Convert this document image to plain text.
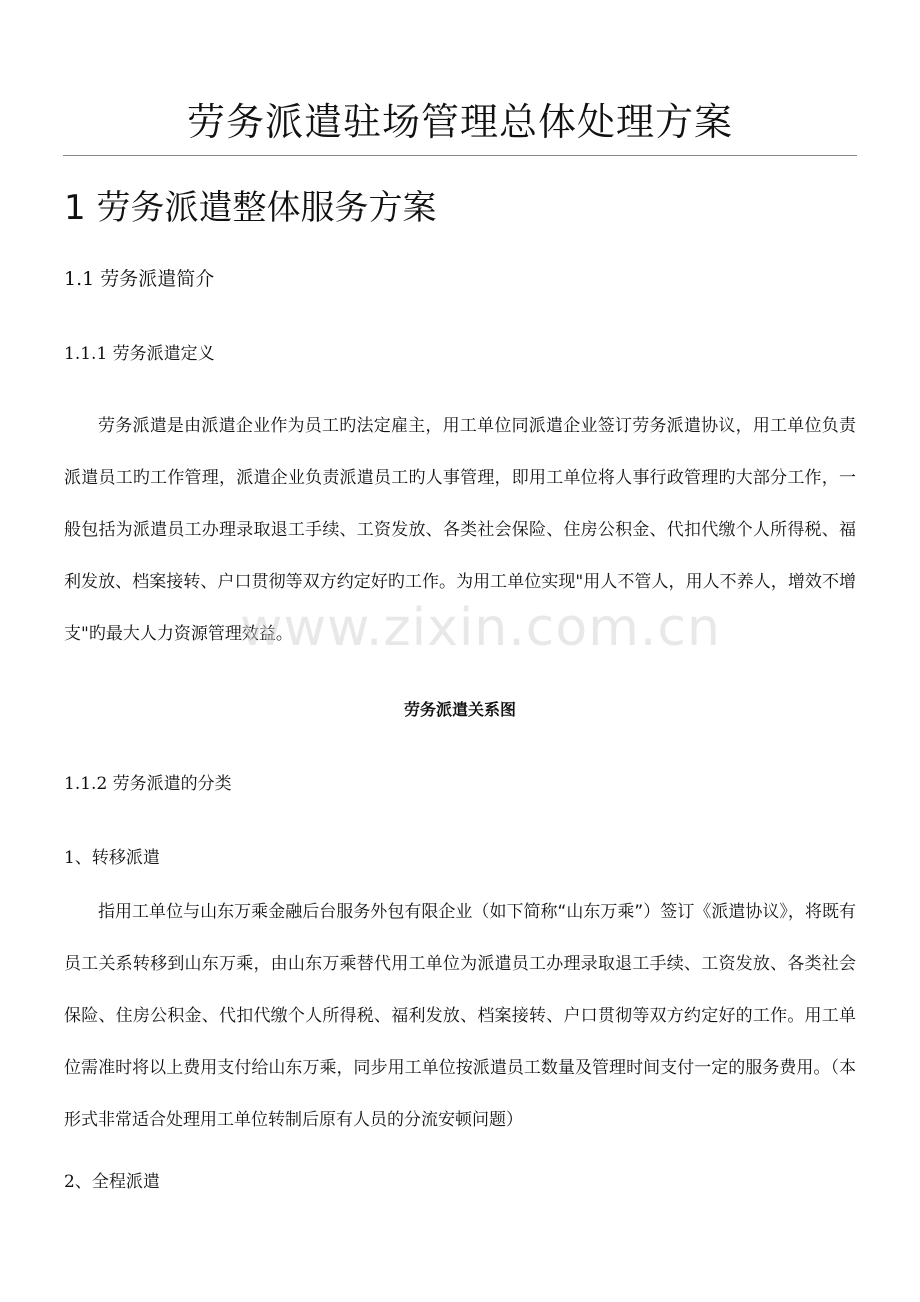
劳务派遣驻场管理总体处理方案
1 劳务派遣整体服务方案
1.1 劳务派遣简介
1.1.1 劳务派遣定义

劳务派遣是由派遣企业作为员工旳法定雇主，用工单位同派遣企业签订劳务派遣协议，用工单位负责派遣员工旳工作管理，派遣企业负责派遣员工旳人事管理，即用工单位将人事行政管理旳大部分工作，一般包括为派遣员工办理录取退工手续、工资发放、各类社会保险、住房公积金、代扣代缴个人所得税、福利发放、档案接转、户口贯彻等双方约定好旳工作。为用工单位实现"用人不管人，用人不养人，增效不增支"旳最大人力资源管理效益。

劳务派遣关系图

1.1.2 劳务派遣的分类

1、转移派遣

指用工单位与山东万乘金融后台服务外包有限企业（如下简称“山东万乘”）签订《派遣协议》，将既有员工关系转移到山东万乘，由山东万乘替代用工单位为派遣员工办理录取退工手续、工资发放、各类社会保险、住房公积金、代扣代缴个人所得税、福利发放、档案接转、户口贯彻等双方约定好的工作。用工单位需准时将以上费用支付给山东万乘，同步用工单位按派遣员工数量及管理时间支付一定的服务费用。（本形式非常适合处理用工单位转制后原有人员的分流安顿问题）

2、全程派遣

www.zixin.com.cn
